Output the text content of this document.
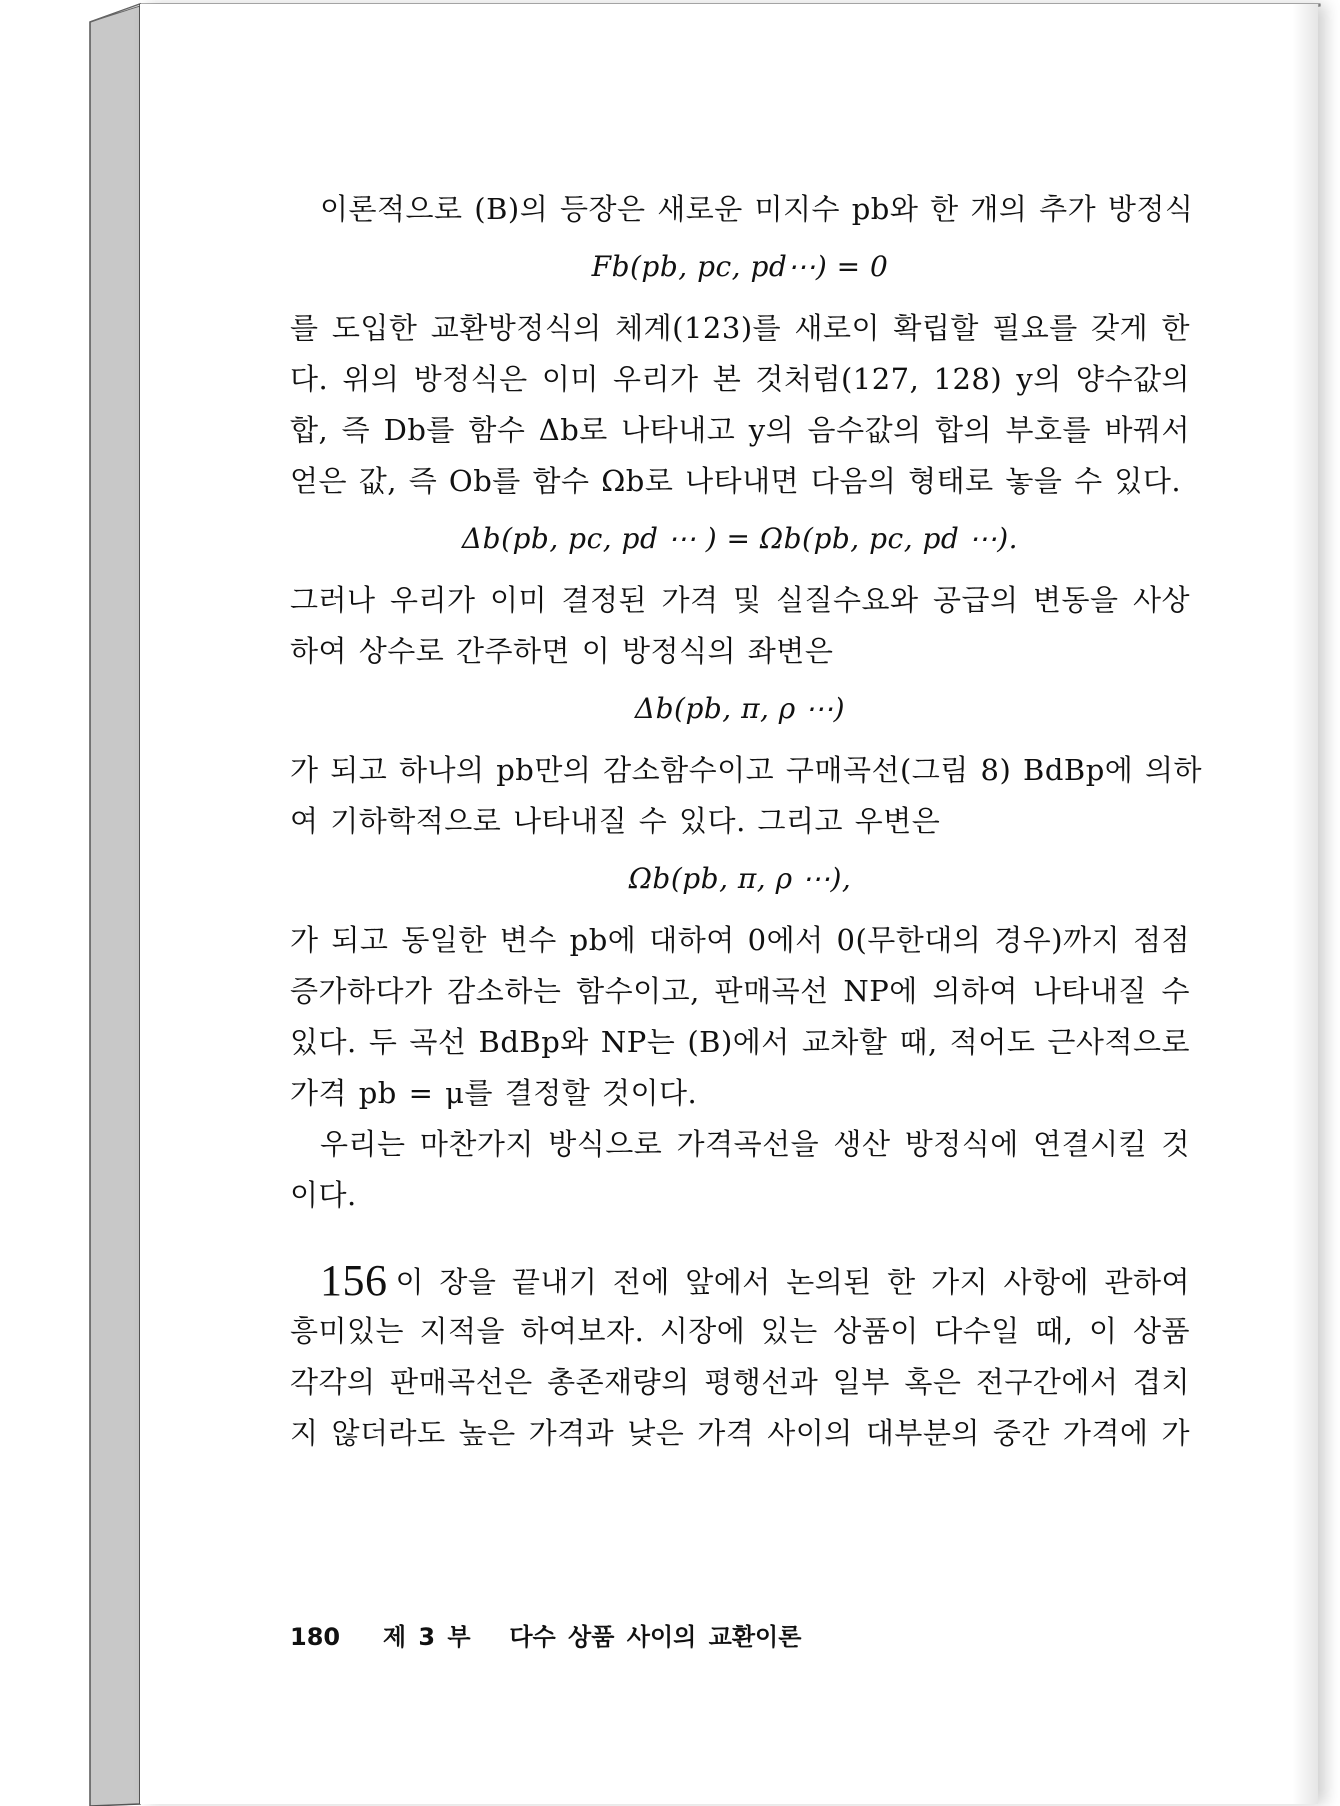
이론적으로 (B)의 등장은 새로운 미지수 pb와 한 개의 추가 방정식
Fb(pb, pc, pd⋯) = 0
를 도입한 교환방정식의 체계(123)를 새로이 확립할 필요를 갖게 한
다. 위의 방정식은 이미 우리가 본 것처럼(127, 128) y의 양수값의
합, 즉 Db를 함수 Δb로 나타내고 y의 음수값의 합의 부호를 바꿔서
얻은 값, 즉 Ob를 함수 Ωb로 나타내면 다음의 형태로 놓을 수 있다.
Δb(pb, pc, pd ⋯ ) = Ωb(pb, pc, pd ⋯).
그러나 우리가 이미 결정된 가격 및 실질수요와 공급의 변동을 사상
하여 상수로 간주하면 이 방정식의 좌변은
Δb(pb, π, ρ ⋯)
가 되고 하나의 pb만의 감소함수이고 구매곡선(그림 8) BdBp에 의하
여 기하학적으로 나타내질 수 있다. 그리고 우변은
Ωb(pb, π, ρ ⋯),
가 되고 동일한 변수 pb에 대하여 0에서 0(무한대의 경우)까지 점점
증가하다가 감소하는 함수이고, 판매곡선 NP에 의하여 나타내질 수
있다. 두 곡선 BdBp와 NP는 (B)에서 교차할 때, 적어도 근사적으로
가격 pb = μ를 결정할 것이다.
우리는 마찬가지 방식으로 가격곡선을 생산 방정식에 연결시킬 것
이다.
156 이 장을 끝내기 전에 앞에서 논의된 한 가지 사항에 관하여
흥미있는 지적을 하여보자. 시장에 있는 상품이 다수일 때, 이 상품
각각의 판매곡선은 총존재량의 평행선과 일부 혹은 전구간에서 겹치
지 않더라도 높은 가격과 낮은 가격 사이의 대부분의 중간 가격에 가
180 제 3 부 다수 상품 사이의 교환이론
